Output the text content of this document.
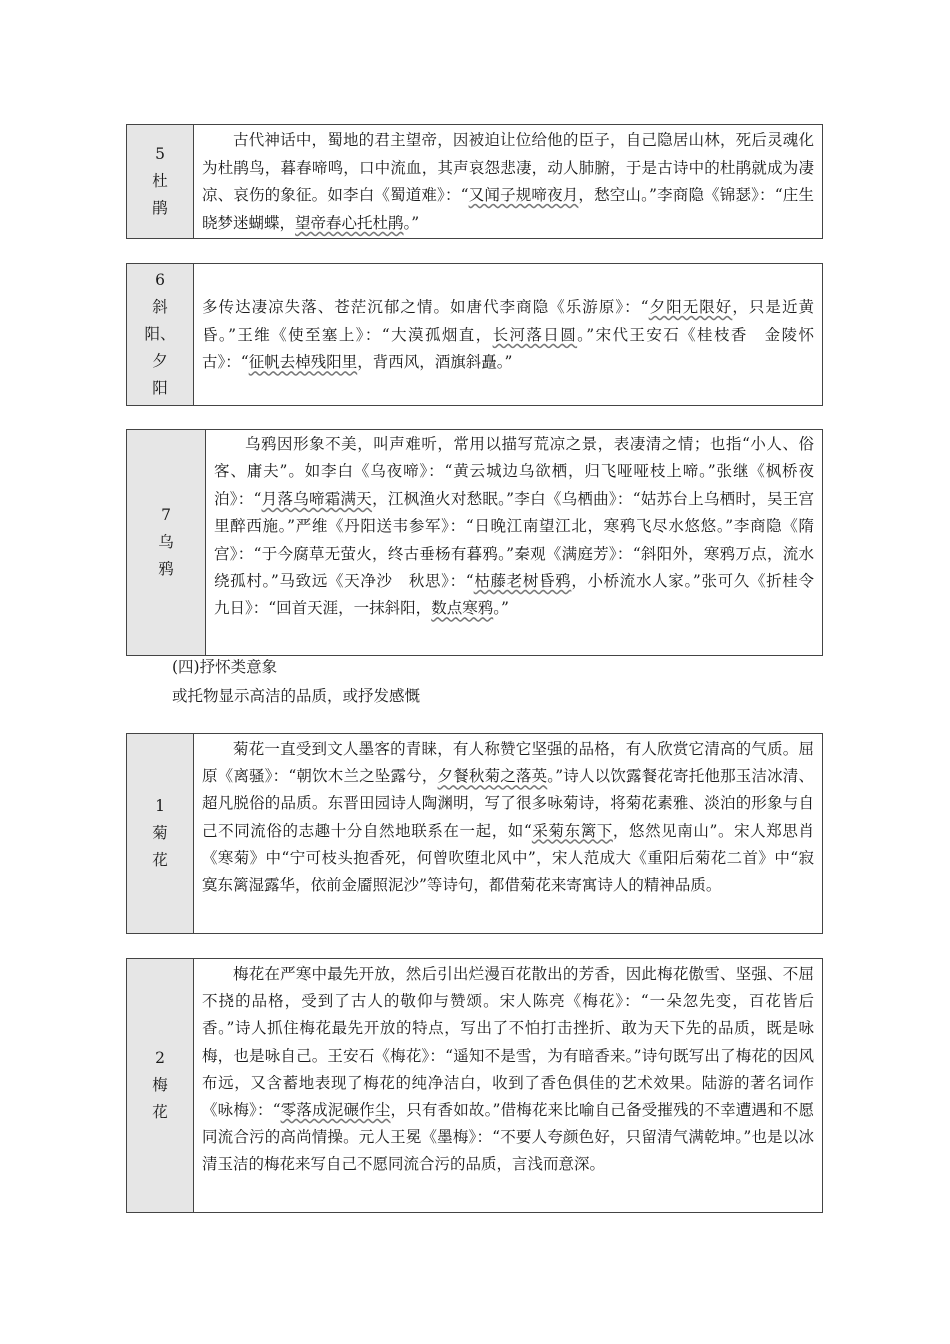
5
杜
鹃

古代神话中，蜀地的君主望帝，因被迫让位给他的臣子，自己隐居山林，死后灵魂化为杜鹃鸟，暮春啼鸣，口中流血，其声哀怨悲凄，动人肺腑，于是古诗中的杜鹃就成为凄凉、哀伤的象征。如李白《蜀道难》：“又闻子规啼夜月，愁空山。”李商隐《锦瑟》：“庄生晓梦迷蝴蝶，望帝春心托杜鹃。”

6
斜
阳、
夕
阳

多传达凄凉失落、苍茫沉郁之情。如唐代李商隐《乐游原》：“夕阳无限好，只是近黄昏。”王维《使至塞上》：“大漠孤烟直，长河落日圆。”宋代王安石《桂枝香　金陵怀古》：“征帆去棹残阳里，背西风，酒旗斜矗。”

7
乌
鸦

乌鸦因形象不美，叫声难听，常用以描写荒凉之景，表凄清之情；也指“小人、俗客、庸夫”。如李白《乌夜啼》：“黄云城边乌欲栖，归飞哑哑枝上啼。”张继《枫桥夜泊》：“月落乌啼霜满天，江枫渔火对愁眠。”李白《乌栖曲》：“姑苏台上乌栖时，吴王宫里醉西施。”严维《丹阳送韦参军》：“日晚江南望江北，寒鸦飞尽水悠悠。”李商隐《隋宫》：“于今腐草无萤火，终古垂杨有暮鸦。”秦观《满庭芳》：“斜阳外，寒鸦万点，流水绕孤村。”马致远《天净沙　秋思》：“枯藤老树昏鸦，小桥流水人家。”张可久《折桂令　九日》：“回首天涯，一抹斜阳，数点寒鸦。”

(四)抒怀类意象
或托物显示高洁的品质，或抒发感慨
1
菊
花

菊花一直受到文人墨客的青睐，有人称赞它坚强的品格，有人欣赏它清高的气质。屈原《离骚》：“朝饮木兰之坠露兮，夕餐秋菊之落英。”诗人以饮露餐花寄托他那玉洁冰清、超凡脱俗的品质。东晋田园诗人陶渊明，写了很多咏菊诗，将菊花素雅、淡泊的形象与自己不同流俗的志趣十分自然地联系在一起，如“采菊东篱下，悠然见南山”。宋人郑思肖《寒菊》中“宁可枝头抱香死，何曾吹堕北风中”，宋人范成大《重阳后菊花二首》中“寂寞东篱湿露华，依前金靥照泥沙”等诗句，都借菊花来寄寓诗人的精神品质。

2
梅
花

梅花在严寒中最先开放，然后引出烂漫百花散出的芳香，因此梅花傲雪、坚强、不屈不挠的品格，受到了古人的敬仰与赞颂。宋人陈亮《梅花》：“一朵忽先变，百花皆后香。”诗人抓住梅花最先开放的特点，写出了不怕打击挫折、敢为天下先的品质，既是咏梅，也是咏自己。王安石《梅花》：“遥知不是雪，为有暗香来。”诗句既写出了梅花的因风布远，又含蓄地表现了梅花的纯净洁白，收到了香色俱佳的艺术效果。陆游的著名词作《咏梅》：“零落成泥碾作尘，只有香如故。”借梅花来比喻自己备受摧残的不幸遭遇和不愿同流合污的高尚情操。元人王冕《墨梅》：“不要人夸颜色好，只留清气满乾坤。”也是以冰清玉洁的梅花来写自己不愿同流合污的品质，言浅而意深。
